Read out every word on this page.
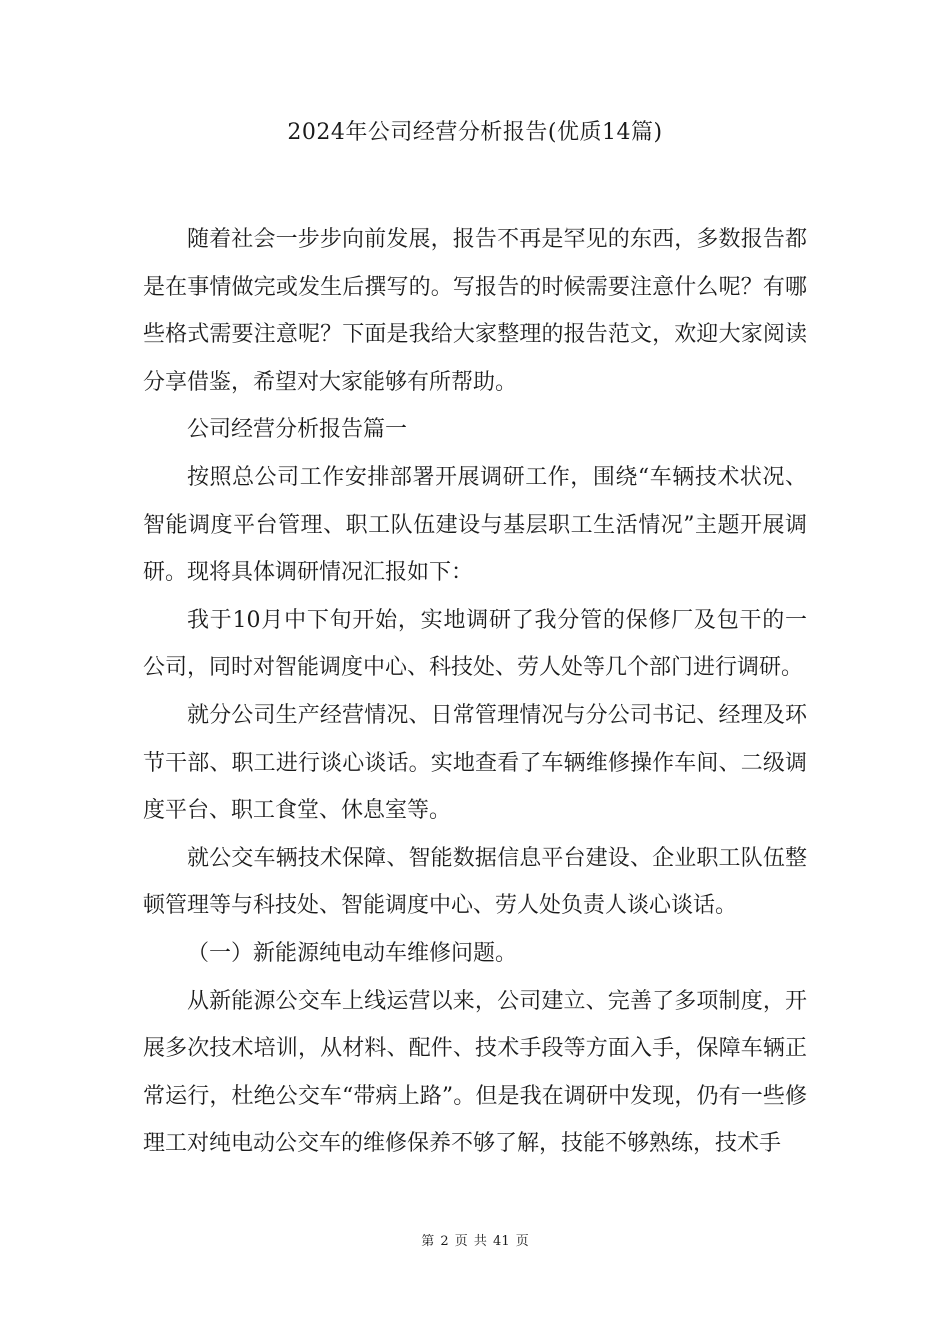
2024年公司经营分析报告(优质14篇)

随着社会一步步向前发展，报告不再是罕见的东西，多数报告都是在事情做完或发生后撰写的。写报告的时候需要注意什么呢？有哪些格式需要注意呢？下面是我给大家整理的报告范文，欢迎大家阅读分享借鉴，希望对大家能够有所帮助。

公司经营分析报告篇一

按照总公司工作安排部署开展调研工作，围绕“车辆技术状况、智能调度平台管理、职工队伍建设与基层职工生活情况”主题开展调研。现将具体调研情况汇报如下：

我于10月中下旬开始，实地调研了我分管的保修厂及包干的一公司，同时对智能调度中心、科技处、劳人处等几个部门进行调研。

就分公司生产经营情况、日常管理情况与分公司书记、经理及环节干部、职工进行谈心谈话。实地查看了车辆维修操作车间、二级调度平台、职工食堂、休息室等。

就公交车辆技术保障、智能数据信息平台建设、企业职工队伍整顿管理等与科技处、智能调度中心、劳人处负责人谈心谈话。

（一）新能源纯电动车维修问题。

从新能源公交车上线运营以来，公司建立、完善了多项制度，开展多次技术培训，从材料、配件、技术手段等方面入手，保障车辆正常运行，杜绝公交车“带病上路”。但是我在调研中发现，仍有一些修理工对纯电动公交车的维修保养不够了解，技能不够熟练，技术手

第 2 页 共 41 页
